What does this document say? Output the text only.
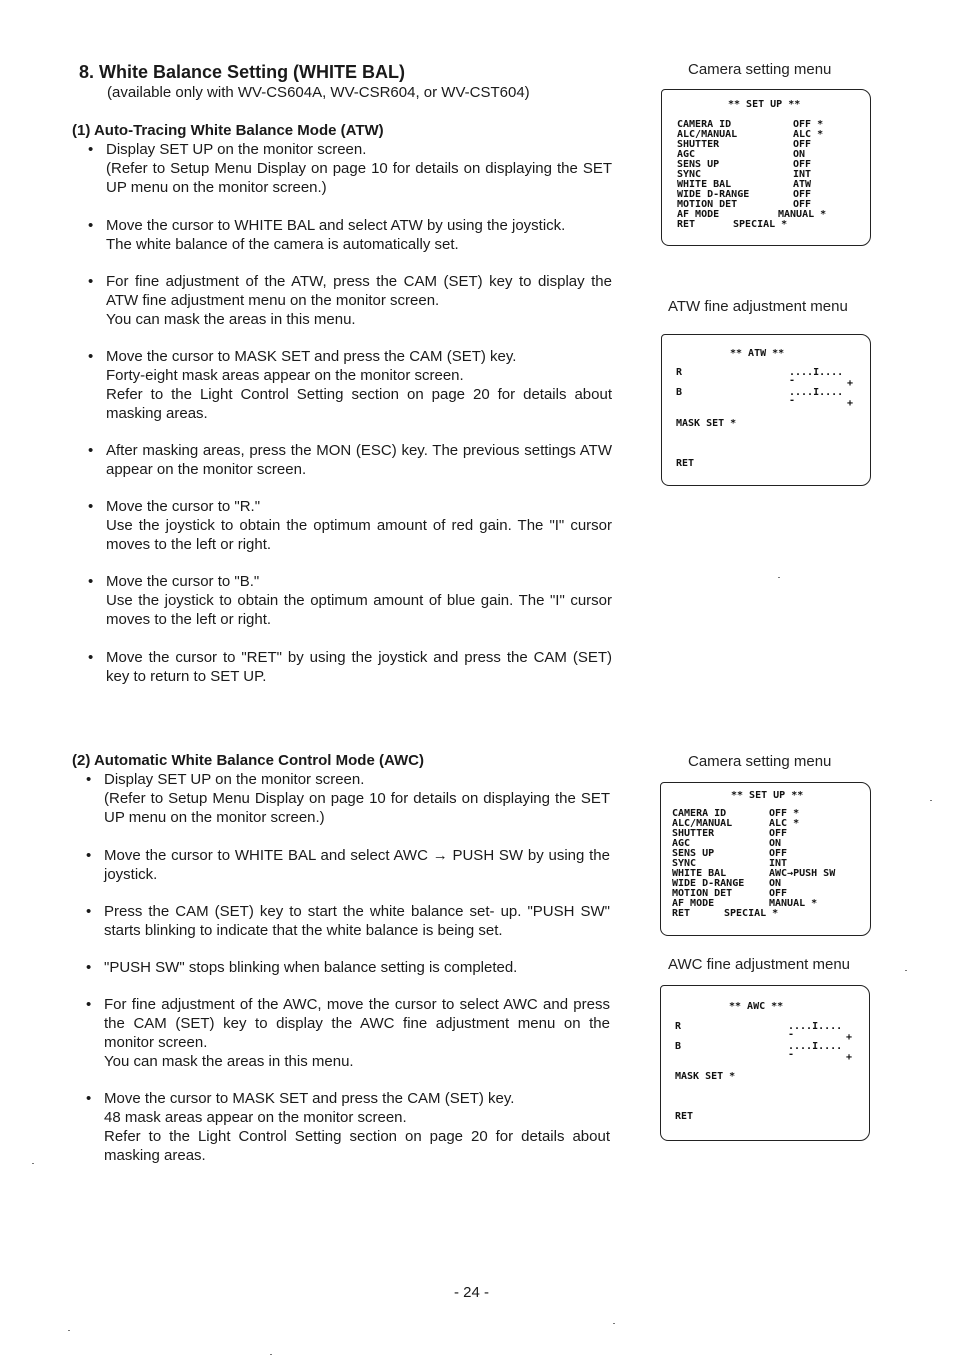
8. White Balance Setting (WHITE BAL)
(available only with WV-CS604A, WV-CSR604, or WV-CST604)
(1) Auto-Tracing White Balance Mode (ATW)
• Display SET UP on the monitor screen.

(Refer to Setup Menu Display on page 10 for details on displaying the SET UP menu on the monitor screen.)

• Move the cursor to WHITE BAL and select ATW by using the joystick.

The white balance of the camera is automatically set.

• For fine adjustment of the ATW, press the CAM (SET) key to display the ATW fine adjustment menu on the monitor screen.

You can mask the areas in this menu.

• Move the cursor to MASK SET and press the CAM (SET) key.

Forty-eight mask areas appear on the monitor screen.

Refer to the Light Control Setting section on page 20 for details about masking areas.

• After masking areas, press the MON (ESC) key. The previous settings ATW appear on the monitor screen.

• Move the cursor to "R."

Use the joystick to obtain the optimum amount of red gain. The "I" cursor moves to the left or right.

• Move the cursor to "B."

Use the joystick to obtain the optimum amount of blue gain. The "I" cursor moves to the left or right.

• Move the cursor to "RET" by using the joystick and press the CAM (SET) key to return to SET UP.

(2) Automatic White Balance Control Mode (AWC)
• Display SET UP on the monitor screen.

(Refer to Setup Menu Display on page 10 for details on displaying the SET UP menu on the monitor screen.)

• Move the cursor to WHITE BAL and select AWC → PUSH SW by using the joystick.

• Press the CAM (SET) key to start the white balance set- up. "PUSH SW" starts blinking to indicate that the white balance is being set.

• "PUSH SW" stops blinking when balance setting is completed.

• For fine adjustment of the AWC, move the cursor to select AWC and press the CAM (SET) key to display the AWC fine adjustment menu on the monitor screen.

You can mask the areas in this menu.

• Move the cursor to MASK SET and press the CAM (SET) key.

48 mask areas appear on the monitor screen.

Refer to the Light Control Setting section on page 20 for details about masking areas.

Camera setting menu
** SET UP **
CAMERA ID	OFF *
ALC/MANUAL	ALC *
SHUTTER	OFF
AGC	ON
SENS UP	OFF
SYNC	INT
WHITE BAL	ATW
WIDE D-RANGE	OFF
MOTION DET	OFF
AF MODE	MANUAL *
RET	SPECIAL *
ATW fine adjustment menu
** ATW **
R	....I....
-	+
B	....I....
-	+
MASK SET *
RET
Camera setting menu
** SET UP **
CAMERA ID	OFF *
ALC/MANUAL	ALC *
SHUTTER	OFF
AGC	ON
SENS UP	OFF
SYNC	INT
WHITE BAL	AWC→PUSH SW
WIDE D-RANGE ON
MOTION DET	OFF
AF MODE	MANUAL *
RET	SPECIAL *
AWC fine adjustment menu
** AWC **
R	....I....
-	+
B	....I....
-	+
MASK SET *
RET
- 24 -
